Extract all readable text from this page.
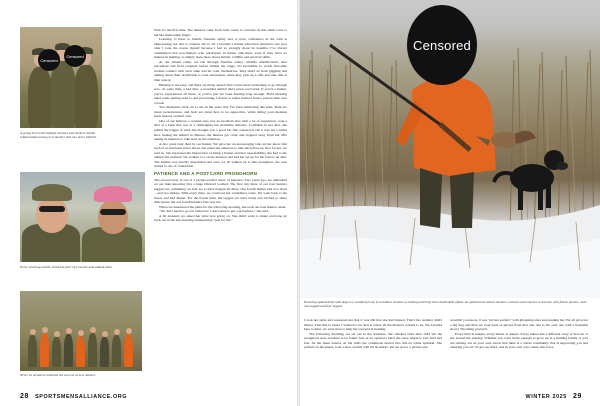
Censored
Censored
A group hunt with multiple mentors and mentees builds relationships among new hunters that can last a lifetime.
Every teaching mentor should be part of a mentor and student team.
Never be afraid to celebrate the success of new hunters.

Wait for the first time. The mentors come from both coasts to convene on this small town to nurture mentorship magic.

Learning to hunt, to handle firearms safely and to have confidence in the wild is empowering not just to women, but to all. I became a hunter education instructor one year after I took the course myself because I feel so strongly about its benefits. I've always commented that non-hunters who participate in hunter education, even if they have no interest in hunting, to simply learn more about habitat, wildlife and survival skills.

At our annual camp, we run through firearms safety, wildlife identification, shot placement and field etiquette before hitting the range. It's incredible to watch first-time women connect with each other and be, well, themselves. They build on from giggling and talking about their boyfriends to rock seriousness when they pick up a rifle and take aim at their quarry.

Hunting is not easy, and there are many aspects that can be heart-wrenching to go through solo. At some time, a bad shot, a wounded animal that's never recovered. If you're a hunter, you've experienced all these, or you've just not been hunting long enough. Field dressing takes some getting used to and processing, I found, is easier learned from a person than over a book.

Two memories stick out to me in the years that I've been mentoring this hunt. Both are about perseverance, and both are about how to be supportive, while letting your mentees learn lessons on their own.

One of our hunters, a woman who was an excellent shot with a lot of experience, took a shot at a buck that was at a challenging but attainable distance. Confident in her shot, she pulled the trigger at what she thought was a good hit. She connected, but it was not a lethal shot. Seeing the animal in distress, the hunters got close and stopped away from her rifle asking us mentors to take lead on the situation.

A few years later died by our hunter. We gave her an encouraging talk, let her know that each of us had been in her shoes, but when she asked us to take the follow-up shot for her, we said no. We expressed the importance of being a hunter and that responsibility she had to the animal she pursued. We walked to a closer distance and had her set up for her follow-up shot. The animal was quickly dispatched and once we all walked up to that pronghorn, the tone turned to one of celebration.

PATIENCE AND A POSTCARD PRONGHORN

The second story is one of a picture-perfect show of patience. Two years ago, we embarked on our hunt knowing that a huge blizzard loomed. The first day three of our four hunters tagged out, something we had yet to have happen all three. Our fourth hunter had two shots—and two misses. With every miss, we could see her confidence wane. We went back to the house and had dinner. For the fourth hunt, the tagged out were ready and excited to share their hunts, but our fourth hunter's fate was not.

When we announced the plans for the following morning, she took our lead mentor aside.

"We don't need to go out tomorrow I don't need to get a pronghorn," she said.

A bit stunned, we asked her what was going on. She didn't want to make everyone go back out in the sub-freezing temperatures "just for her."

28 SPORTSMENSALLIANCE.ORG
Censored
Pursuing upland birds with dogs is a wonderful way to introduce newbies to hunting and help them build skills afield. An upland hunt allows mentors, mentees and coaches to interact with fellow hunters, both new legged and four legged.

I took her aside and reassured her that it was OK that she had missed. That's the weather didn't matter. That this is where I wanted to be, that is where all the mentors wanted to be. We traveled here to hunt, we were here to help her succeed in hunting.

The following morning, we set out in the darkness. We checked field after field but the pronghorn were nowhere to be found. Just as we spotted a herd, the snow began to fall, hard and fast. As the sheet dances on the trails the conditions turned into full-on white sprinkle. She pitched on her knees, took a shot, and hit with hit its marks. We set up for a picture and

wouldn't you know, it was "picture perfect" with glistening stars surrounding her. We all gave her a big hug and then we took back as photos from that one, she is the only one with a beautiful snowy Wyoming postcard.

Every hunt is unique, every hunter is unique. Every hunter has a different story of how he or she started the journey. Whether you were lucky enough to grow up in a hunting family or you are starting out on your own, know that there is a whole community that is supporting you and cheering you on! So get out there, and in your own way, return that favor.

WINTER 2025 29
